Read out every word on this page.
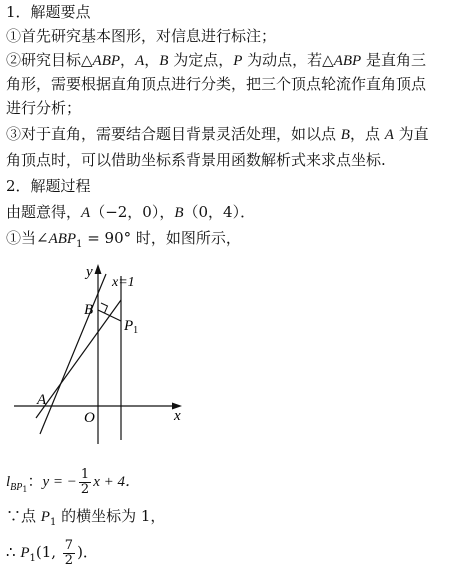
1．解题要点
①首先研究基本图形，对信息进行标注；
②研究目标△ABP，A，B 为定点，P 为动点，若△ABP 是直角三
角形，需要根据直角顶点进行分类，把三个顶点轮流作直角顶点
进行分析；
③对于直角，需要结合题目背景灵活处理，如以点 B，点 A 为直
角顶点时，可以借助坐标系背景用函数解析式来求点坐标.
2．解题过程
由题意得，A（−2，0），B（0，4）．
①当$\angle ABP_1 = 90^\circ$ 时，如图所示，
y
x
x=1
B
$P_1$
A
O
$l_{BP1}$：y = − $\frac{1}{2}$ x + 4．
∵点 $P_1$ 的横坐标为 1，
∴ $P_1(1$, $\frac{7}{2}$ )．
